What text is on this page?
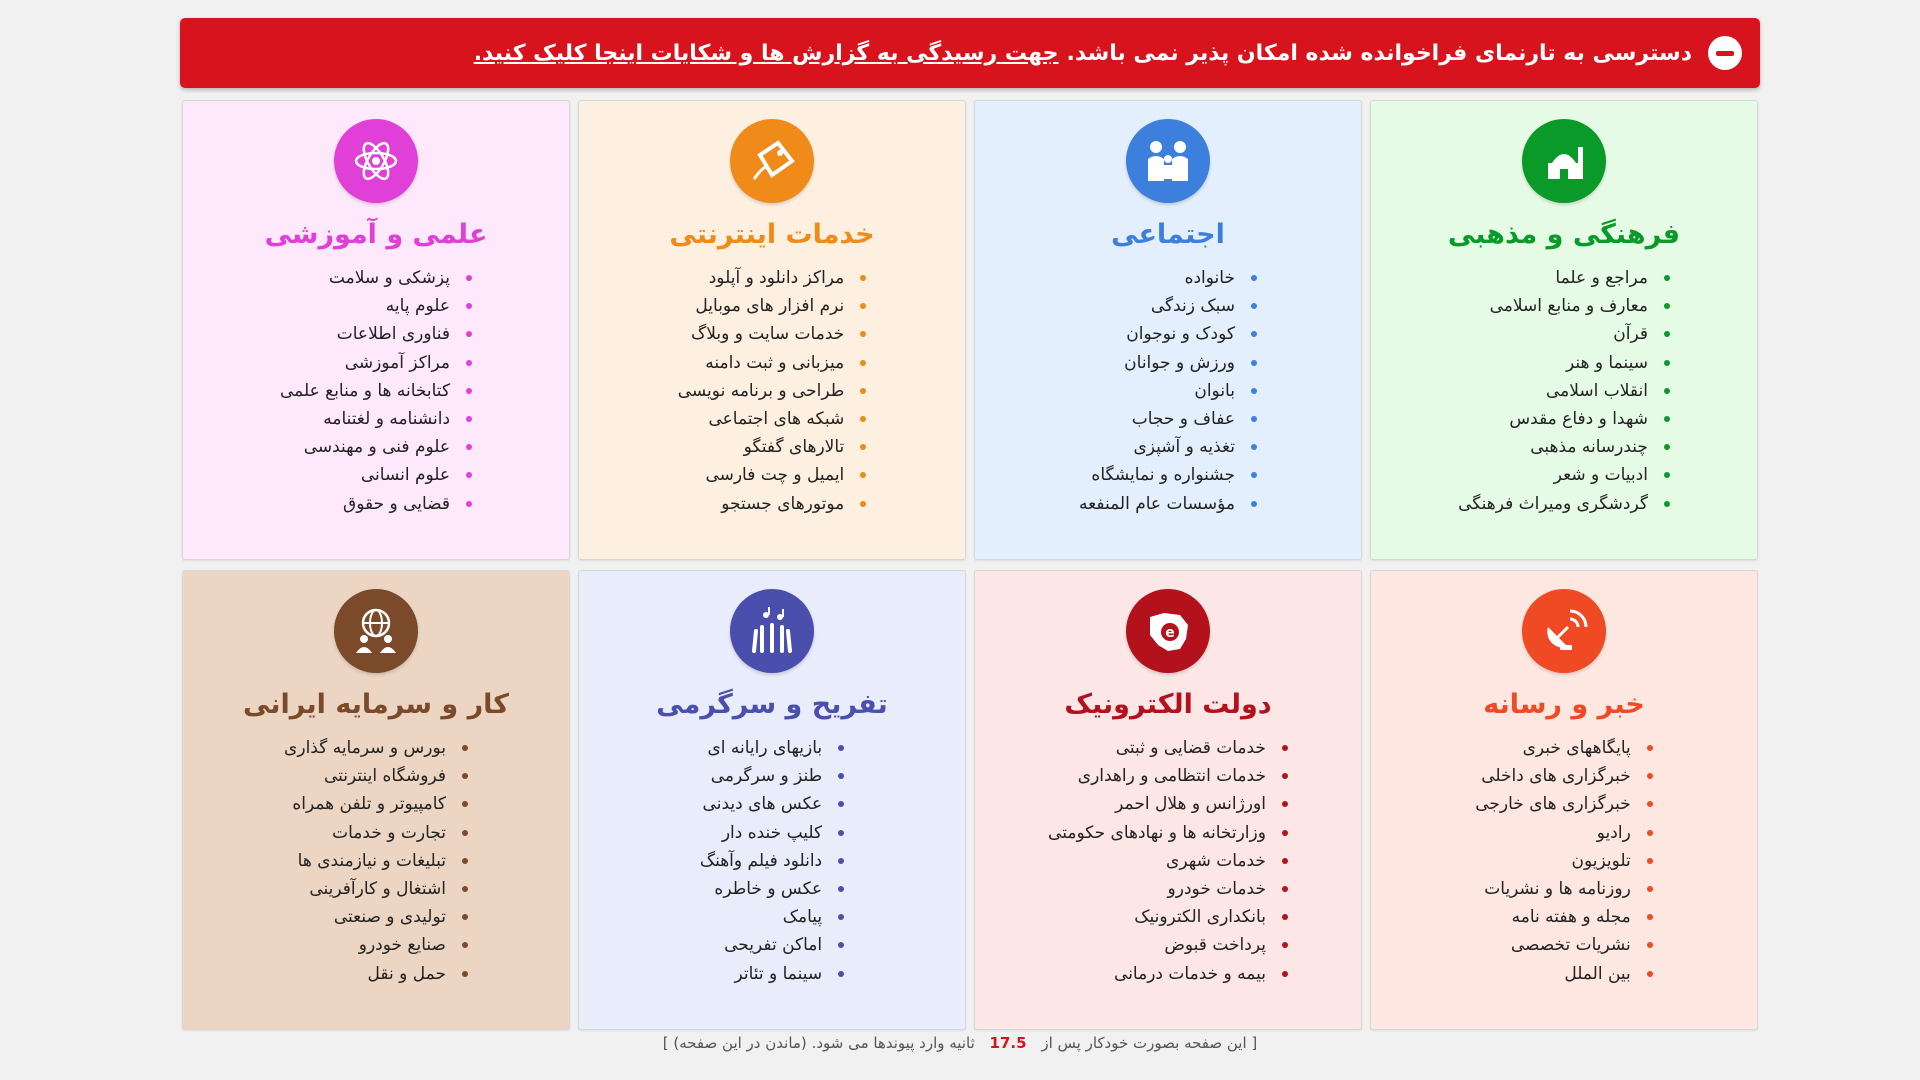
دسترسی به تارنمای فراخوانده شده امکان پذیر نمی باشد.
جهت رسیدگی به گزارش ها و شکایات اینجا کلیک کنید.
فرهنگی و مذهبی
مراجع و علما
معارف و منابع اسلامی
قرآن
سینما و هنر
انقلاب اسلامی
شهدا و دفاع مقدس
چندرسانه مذهبی
ادبیات و شعر
گردشگری ومیراث فرهنگی
اجتماعی
خانواده
سبک زندگی
کودک و نوجوان
ورزش و جوانان
بانوان
عفاف و حجاب
تغذیه و آشپزی
جشنواره و نمایشگاه
مؤسسات عام المنفعه
خدمات اینترنتی
مراکز دانلود و آپلود
نرم افزار های موبایل
خدمات سایت و وبلاگ
میزبانی و ثبت دامنه
طراحی و برنامه نویسی
شبکه های اجتماعی
تالارهای گفتگو
ایمیل و چت فارسی
موتورهای جستجو
علمی و آموزشی
پزشکی و سلامت
علوم پایه
فناوری اطلاعات
مراکز آموزشی
کتابخانه ها و منابع علمی
دانشنامه و لغتنامه
علوم فنی و مهندسی
علوم انسانی
قضایی و حقوق
خبر و رسانه
پایگاههای خبری
خبرگزاری های داخلی
خبرگزاری های خارجی
رادیو
تلویزیون
روزنامه ها و نشریات
مجله و هفته نامه
نشریات تخصصی
بین الملل
e
دولت الکترونیک
خدمات قضایی و ثبتی
خدمات انتظامی و راهداری
اورژانس و هلال احمر
وزارتخانه ها و نهادهای حکومتی
خدمات شهری
خدمات خودرو
بانکداری الکترونیک
پرداخت قبوض
بیمه و خدمات درمانی
تفریح و سرگرمی
بازیهای رایانه ای
طنز و سرگرمی
عکس های دیدنی
کلیپ خنده دار
دانلود فیلم وآهنگ
عکس و خاطره
پیامک
اماکن تفریحی
سینما و تئاتر
کار و سرمایه ایرانی
بورس و سرمایه گذاری
فروشگاه اینترنتی
کامپیوتر و تلفن همراه
تجارت و خدمات
تبلیغات و نیازمندی ها
اشتغال و کارآفرینی
تولیدی و صنعتی
صنایع خودرو
حمل و نقل
[ این صفحه بصورت خودکار پس از 17.5 ثانیه وارد پیوندها می شود. (ماندن در این صفحه) ]
